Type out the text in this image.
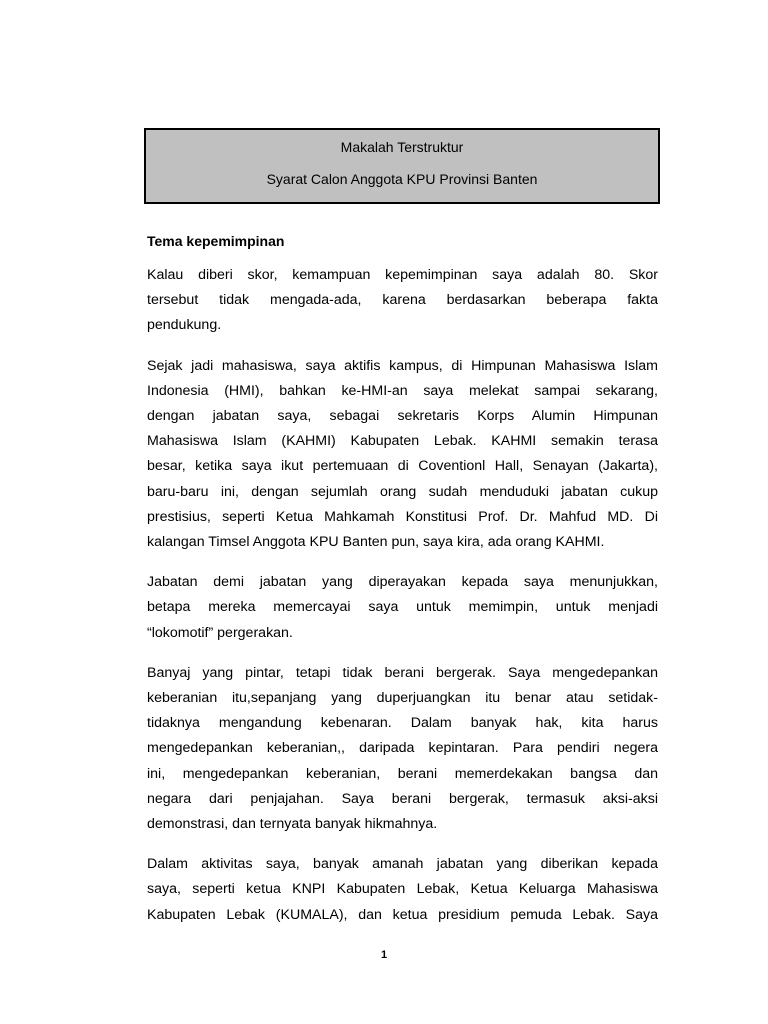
Makalah Terstruktur
Syarat Calon Anggota KPU Provinsi Banten
Tema kepemimpinan
Kalau diberi skor, kemampuan kepemimpinan saya adalah 80. Skor
tersebut tidak mengada-ada, karena berdasarkan beberapa fakta
pendukung.
Sejak jadi mahasiswa, saya aktifis kampus, di Himpunan Mahasiswa Islam
Indonesia (HMI), bahkan ke-HMI-an saya melekat sampai sekarang,
dengan jabatan saya, sebagai sekretaris Korps Alumin Himpunan
Mahasiswa Islam (KAHMI) Kabupaten Lebak. KAHMI semakin terasa
besar, ketika saya ikut pertemuaan di Coventionl Hall, Senayan (Jakarta),
baru-baru ini, dengan sejumlah orang sudah menduduki jabatan cukup
prestisius, seperti Ketua Mahkamah Konstitusi Prof. Dr. Mahfud MD. Di
kalangan Timsel Anggota KPU Banten pun, saya kira, ada orang KAHMI.
Jabatan demi jabatan yang diperayakan kepada saya menunjukkan,
betapa mereka memercayai saya untuk memimpin, untuk menjadi
“lokomotif” pergerakan.
Banyaj yang pintar, tetapi tidak berani bergerak. Saya mengedepankan
keberanian itu,sepanjang yang duperjuangkan itu benar atau setidak-
tidaknya mengandung kebenaran. Dalam banyak hak, kita harus
mengedepankan keberanian,, daripada kepintaran. Para pendiri negera
ini, mengedepankan keberanian, berani memerdekakan bangsa dan
negara dari penjajahan. Saya berani bergerak, termasuk aksi-aksi
demonstrasi, dan ternyata banyak hikmahnya.
Dalam aktivitas saya, banyak amanah jabatan yang diberikan kepada
saya, seperti ketua KNPI Kabupaten Lebak, Ketua Keluarga Mahasiswa
Kabupaten Lebak (KUMALA), dan ketua presidium pemuda Lebak. Saya
1
